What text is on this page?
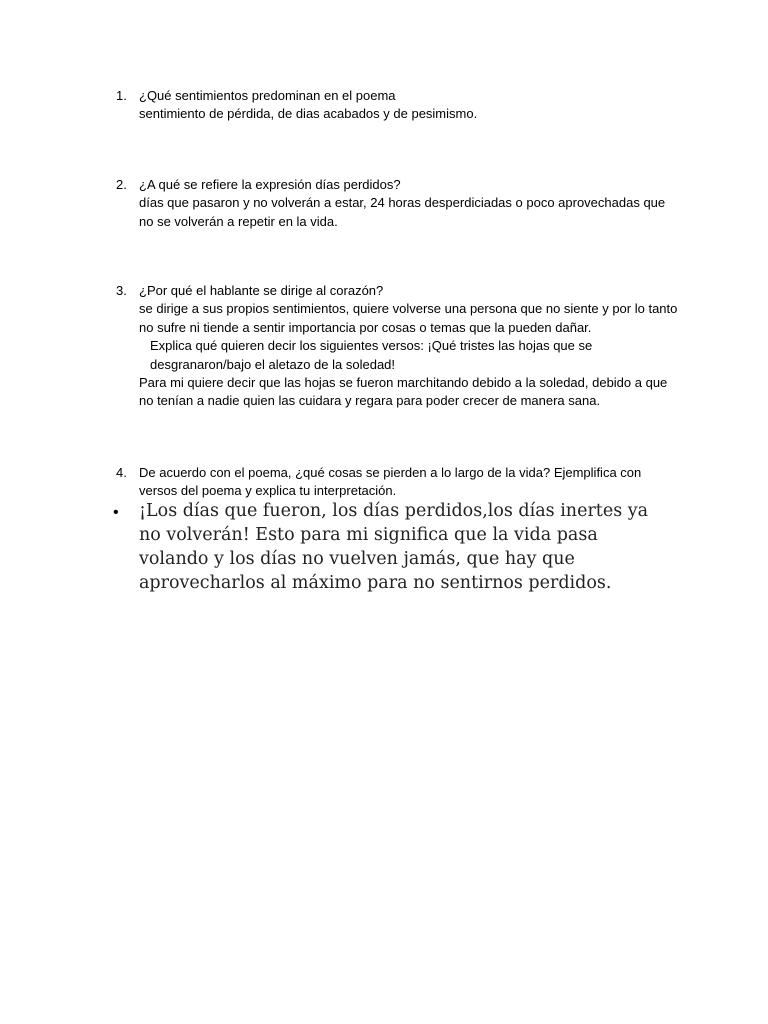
1. ¿Qué sentimientos predominan en el poema

sentimiento de pérdida, de dias acabados y de pesimismo.

2. ¿A qué se refiere la expresión días perdidos?

días que pasaron y no volverán a estar, 24 horas desperdiciadas o poco aprovechadas que no se volverán a repetir en la vida.

3. ¿Por qué el hablante se dirige al corazón?

se dirige a sus propios sentimientos, quiere volverse una persona que no siente y por lo tanto no sufre ni tiende a sentir importancia por cosas o temas que la pueden dañar.

Explica qué quieren decir los siguientes versos: ¡Qué tristes las hojas que se desgranaron/bajo el aletazo de la soledad!

Para mi quiere decir que las hojas se fueron marchitando debido a la soledad, debido a que no tenían a nadie quien las cuidara y regara para poder crecer de manera sana.

4. De acuerdo con el poema, ¿qué cosas se pierden a lo largo de la vida? Ejemplifica con versos del poema y explica tu interpretación.

• ¡Los días que fueron, los días perdidos,los días inertes ya no volverán! Esto para mi significa que la vida pasa volando y los días no vuelven jamás, que hay que aprovecharlos al máximo para no sentirnos perdidos.
